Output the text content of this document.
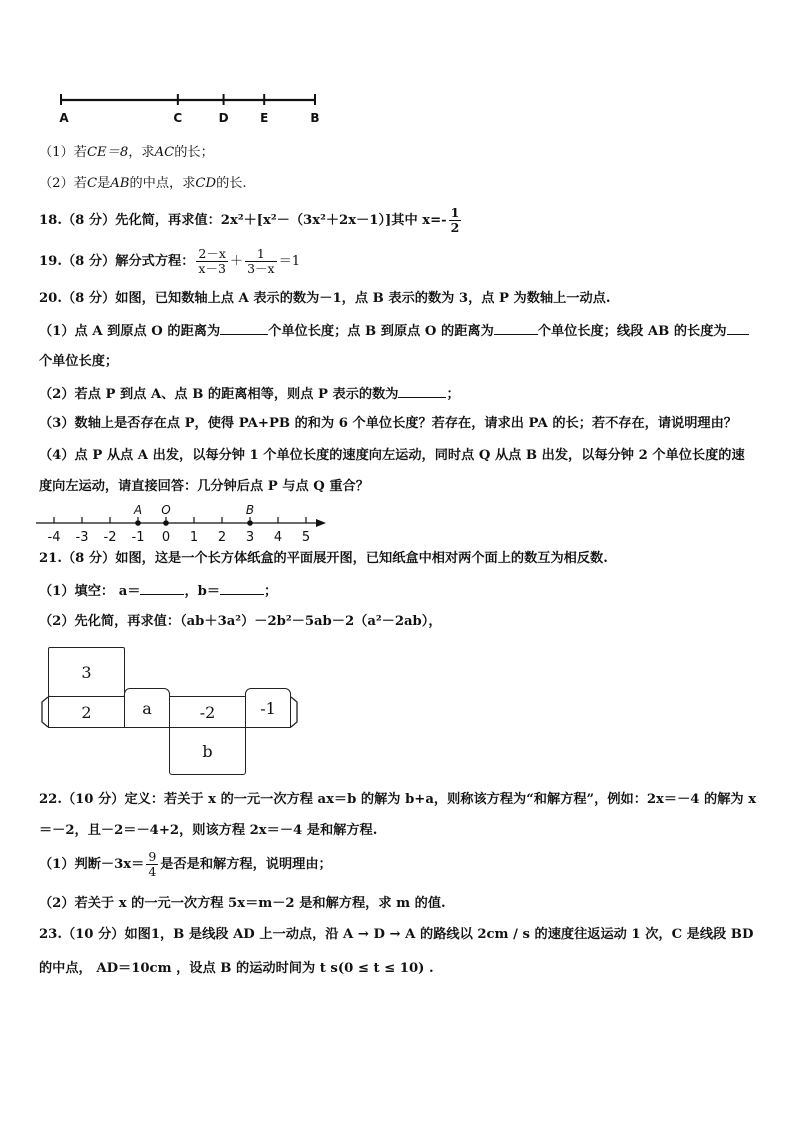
A	C	D	E	B
（1）若CE＝8，求AC的长；
（2）若C是AB的中点，求CD的长.
18.（8 分）先化简，再求值：2x²＋[x²－（3x²＋2x－1）]其中 $x=- \frac{1}{2}$
19.（8 分）解分式方程： $\frac{2-x}{x-3} + \frac{1}{3-x} =1$
20.（8 分）如图，已知数轴上点 A 表示的数为－1，点 B 表示的数为 3，点 P 为数轴上一动点.
（1）点 A 到原点 O 的距离为	个单位长度；点 B 到原点 O 的距离为	个单位长度；线段 AB 的长度为
个单位长度；
（2）若点 P 到点 A、点 B 的距离相等，则点 P 表示的数为	；
（3）数轴上是否存在点 P，使得 PA+PB 的和为 6 个单位长度？若存在，请求出 PA 的长；若不存在，请说明理由？
（4）点 P 从点 A 出发，以每分钟 1 个单位长度的速度向左运动，同时点 Q 从点 B 出发，以每分钟 2 个单位长度的速
度向左运动，请直接回答：几分钟后点 P 与点 Q 重合？
-4 -3 -2 -1 0 1 2 3 4 5
A O	B
21.（8 分）如图，这是一个长方体纸盒的平面展开图，已知纸盒中相对两个面上的数互为相反数.
（1）填空： a＝	，b＝	；
（2）先化简，再求值：（ab＋3a²）－2b²－5ab－2（a²－2ab），
3
2	a	-2	-1
b
22.（10 分）定义：若关于 x 的一元一次方程 ax＝b 的解为 b+a，则称该方程为“和解方程”，例如：2x＝－4 的解为 x
＝－2，且－2＝－4+2，则该方程 2x＝－4 是和解方程.
（1）判断$-3x= \frac{9}{4}$ 是否是和解方程，说明理由；
（2）若关于 x 的一元一次方程 5x＝m－2 是和解方程，求 m 的值.
23.（10 分）如图1，B 是线段 AD 上一动点，沿 A → D → A 的路线以 2cm / s 的速度往返运动 1 次，C 是线段 BD
的中点， AD＝10cm ，设点 B 的运动时间为 t s(0 ≤ t ≤ 10) .
